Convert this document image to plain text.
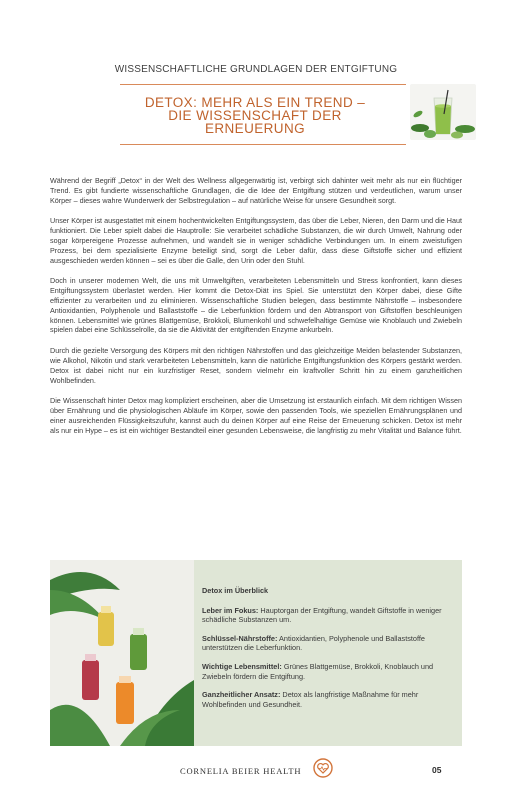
WISSENSCHAFTLICHE GRUNDLAGEN DER ENTGIFTUNG
DETOX: MEHR ALS EIN TREND –
DIE WISSENSCHAFT DER
ERNEUERUNG

Während der Begriff „Detox“ in der Welt des Wellness allgegenwärtig ist, verbirgt sich dahinter weit mehr als nur ein flüchtiger Trend. Es gibt fundierte wissenschaftliche Grundlagen, die die Idee der Entgiftung stützen und verdeutlichen, warum unser Körper – dieses wahre Wunderwerk der Selbstregulation – auf natürliche Weise für unsere Gesundheit sorgt.

Unser Körper ist ausgestattet mit einem hochentwickelten Entgiftungssystem, das über die Leber, Nieren, den Darm und die Haut funktioniert. Die Leber spielt dabei die Hauptrolle: Sie verarbeitet schädliche Substanzen, die wir durch Umwelt, Nahrung oder sogar körpereigene Prozesse aufnehmen, und wandelt sie in weniger schädliche Verbindungen um. In einem zweistufigen Prozess, bei dem spezialisierte Enzyme beteiligt sind, sorgt die Leber dafür, dass diese Giftstoffe sicher und effizient ausgeschieden werden können – sei es über die Galle, den Urin oder den Stuhl.

Doch in unserer modernen Welt, die uns mit Umweltgiften, verarbeiteten Lebensmitteln und Stress konfrontiert, kann dieses Entgiftungssystem überlastet werden. Hier kommt die Detox-Diät ins Spiel. Sie unterstützt den Körper dabei, diese Gifte effizienter zu verarbeiten und zu eliminieren. Wissenschaftliche Studien belegen, dass bestimmte Nährstoffe – insbesondere Antioxidantien, Polyphenole und Ballaststoffe – die Leberfunktion fördern und den Abtransport von Giftstoffen beschleunigen können. Lebensmittel wie grünes Blattgemüse, Brokkoli, Blumenkohl und schwefelhaltige Gemüse wie Knoblauch und Zwiebeln spielen dabei eine Schlüsselrolle, da sie die Aktivität der entgiftenden Enzyme ankurbeln.

Durch die gezielte Versorgung des Körpers mit den richtigen Nährstoffen und das gleichzeitige Meiden belastender Substanzen, wie Alkohol, Nikotin und stark verarbeiteten Lebensmitteln, kann die natürliche Entgiftungsfunktion des Körpers gestärkt werden. Detox ist dabei nicht nur ein kurzfristiger Reset, sondern vielmehr ein kraftvoller Schritt hin zu einem ganzheitlichen Wohlbefinden.

Die Wissenschaft hinter Detox mag kompliziert erscheinen, aber die Umsetzung ist erstaunlich einfach. Mit dem richtigen Wissen über Ernährung und die physiologischen Abläufe im Körper, sowie den passenden Tools, wie speziellen Ernährungsplänen und einer ausreichenden Flüssigkeitszufuhr, kannst auch du deinen Körper auf eine Reise der Erneuerung schicken. Detox ist mehr als nur ein Hype – es ist ein wichtiger Bestandteil einer gesunden Lebensweise, die langfristig zu mehr Vitalität und Balance führt.

Detox im Überblick
Leber im Fokus: Hauptorgan der Entgiftung, wandelt Giftstoffe in weniger schädliche Substanzen um.
Schlüssel-Nährstoffe: Antioxidantien, Polyphenole und Ballaststoffe unterstützen die Leberfunktion.
Wichtige Lebensmittel: Grünes Blattgemüse, Brokkoli, Knoblauch und Zwiebeln fördern die Entgiftung.
Ganzheitlicher Ansatz: Detox als langfristige Maßnahme für mehr Wohlbefinden und Gesundheit.
CORNELIA BEIER HEALTH	05
